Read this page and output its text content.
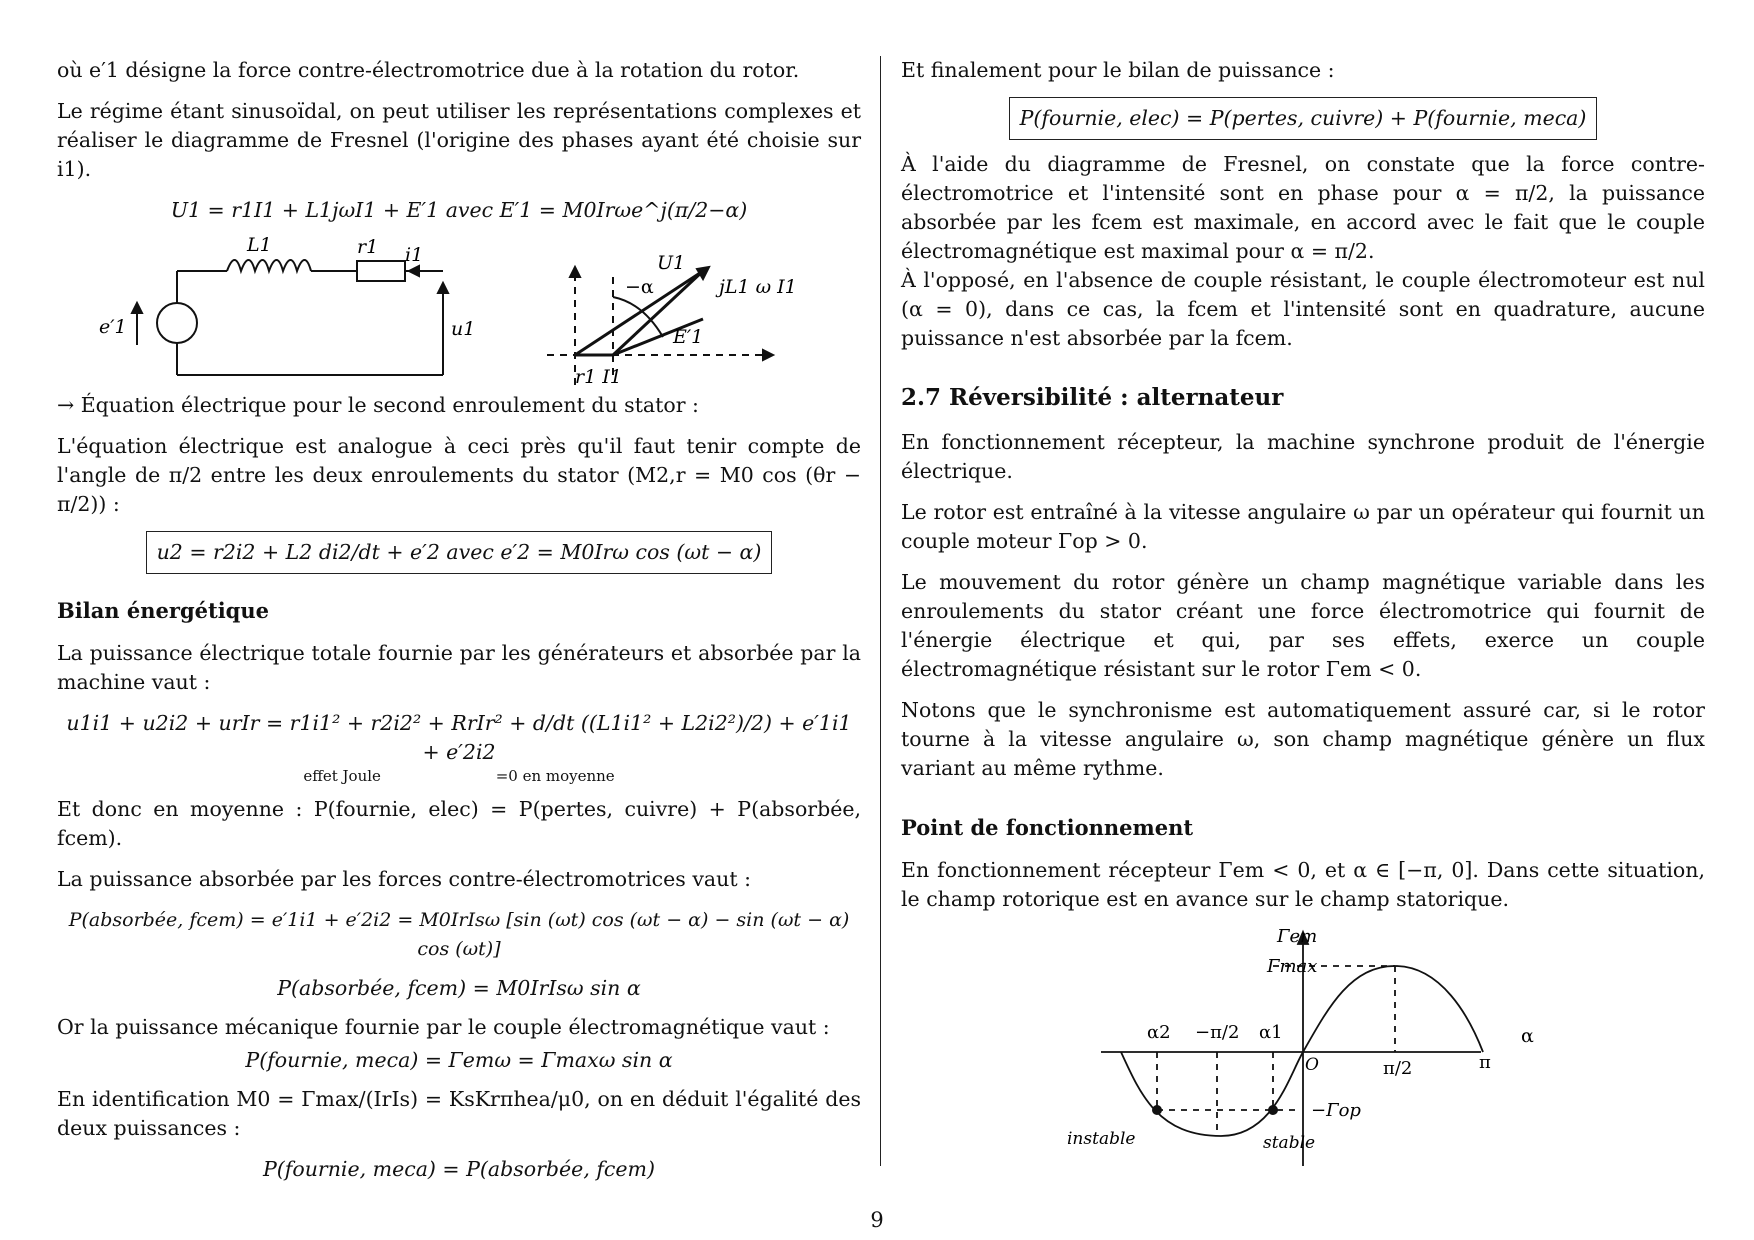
où e′1 désigne la force contre-électromotrice due à la rotation du rotor.

Le régime étant sinusoïdal, on peut utiliser les représentations complexes et réaliser le diagramme de Fresnel (l'origine des phases ayant été choisie sur i1).

U1 = r1I1 + L1jωI1 + E′1 avec E′1 = M0Irωe^j(π/2−α)
L1	r1 i1
e′1	u1
U1
jL1 ω I1
−α
E′1
r1 I1

→ Équation électrique pour le second enroulement du stator :

L'équation électrique est analogue à ceci près qu'il faut tenir compte de l'angle de π/2 entre les deux enroulements du stator (M2,r = M0 cos (θr − π/2)) :

u2 = r2i2 + L2 di2/dt + e′2 avec e′2 = M0Irω cos (ωt − α)
Bilan énergétique

La puissance électrique totale fournie par les générateurs et absorbée par la machine vaut :

u1i1 + u2i2 + urIr = r1i1² + r2i2² + RrIr² + d/dt ((L1i1² + L2i2²)/2) + e′1i1 + e′2i2
effet Joule	=0 en moyenne

Et donc en moyenne : P(fournie, elec) = P(pertes, cuivre) + P(absorbée, fcem).

La puissance absorbée par les forces contre-électromotrices vaut :

P(absorbée, fcem) = e′1i1 + e′2i2 = M0IrIsω [sin (ωt) cos (ωt − α) − sin (ωt − α) cos (ωt)]
P(absorbée, fcem) = M0IrIsω sin α

Or la puissance mécanique fournie par le couple électromagnétique vaut :

P(fournie, meca) = Γemω = Γmaxω sin α

En identification M0 = Γmax/(IrIs) = KsKrπhea/μ0, on en déduit l'égalité des deux puissances :

P(fournie, meca) = P(absorbée, fcem)

Et finalement pour le bilan de puissance :

P(fournie, elec) = P(pertes, cuivre) + P(fournie, meca)

À l'aide du diagramme de Fresnel, on constate que la force contre-électromotrice et l'intensité sont en phase pour α = π/2, la puissance absorbée par les fcem est maximale, en accord avec le fait que le couple électromagnétique est maximal pour α = π/2.

À l'opposé, en l'absence de couple résistant, le couple électromoteur est nul (α = 0), dans ce cas, la fcem et l'intensité sont en quadrature, aucune puissance n'est absorbée par la fcem.

2.7 Réversibilité : alternateur

En fonctionnement récepteur, la machine synchrone produit de l'énergie électrique.

Le rotor est entraîné à la vitesse angulaire ω par un opérateur qui fournit un couple moteur Γop > 0.

Le mouvement du rotor génère un champ magnétique variable dans les enroulements du stator créant une force électromotrice qui fournit de l'énergie électrique et qui, par ses effets, exerce un couple électromagnétique résistant sur le rotor Γem < 0.

Notons que le synchronisme est automatiquement assuré car, si le rotor tourne à la vitesse angulaire ω, son champ magnétique génère un flux variant au même rythme.

Point de fonctionnement

En fonctionnement récepteur Γem < 0, et α ∈ [−π, 0]. Dans cette situation, le champ rotorique est en avance sur le champ statorique.

Γem
Γmax
α
α2 −π/2 α1
O	π/2	π
−Γop
instable	stable
9
